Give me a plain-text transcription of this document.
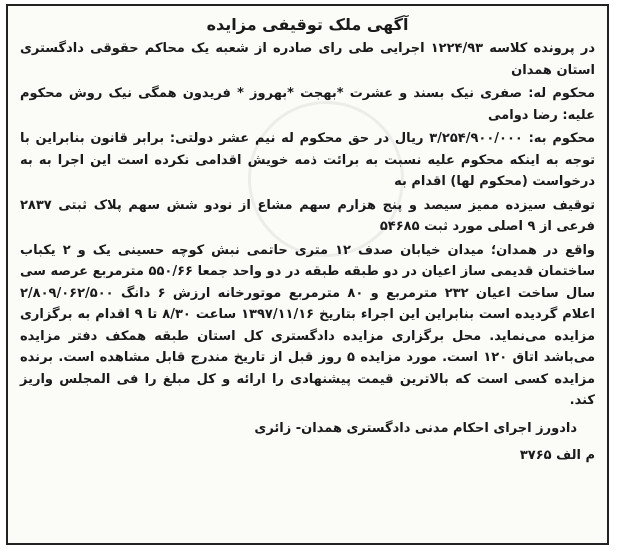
آگهی ملک توقیفی مزایده
در پرونده کلاسه ۱۲۲۴/۹۳ اجرایی طی رای صادره از شعبه یک محاکم حقوقی دادگستری استان همدان
محکوم له: صفری نیک بسند و عشرت *بهجت *بهروز * فریدون همگی نیک روش محکوم علیه: رضا دوامی
محکوم به: ۳/۲۵۴/۹۰۰/۰۰۰ ریال در حق محکوم له نیم عشر دولتی: برابر قانون بنابراین با توجه به اینکه محکوم علیه نسبت به برائت ذمه خویش اقدامی نکرده است این اجرا به به درخواست (محکوم لها) اقدام به
توقیف سیزده ممیز سیصد و پنج هزارم سهم مشاع از نودو شش سهم پلاک ثبتی ۲۸۳۷ فرعی از ۹ اصلی مورد ثبت ۵۴۶۸۵
واقع در همدان؛ میدان خیابان صدف ۱۲ متری حاتمی نبش کوچه حسینی یک و ۲ یکباب ساختمان قدیمی ساز اعیان در دو طبقه طبقه در دو واحد جمعا ۵۵۰/۶۶ مترمربع عرصه سی سال ساخت اعیان ۲۳۲ مترمربع و ۸۰ مترمربع موتورخانه ارزش ۶ دانگ ۲/۸۰۹/۰۶۲/۵۰۰ اعلام گردیده است بنابراین این اجراء بتاریخ ۱۳۹۷/۱۱/۱۶ ساعت ۸/۳۰ تا ۹ اقدام به برگزاری مزایده می‌نماید. محل برگزاری مزایده دادگستری کل استان طبقه همکف دفتر مزایده می‌باشد اتاق ۱۲۰ است. مورد مزایده ۵ روز قبل از تاریخ مندرج قابل مشاهده است. برنده مزایده کسی است که بالاترین قیمت پیشنهادی را ارائه و کل مبلغ را فی المجلس واریز کند.
دادورز اجرای احکام مدنی دادگستری همدان- زائری
م الف ۳۷۶۵
